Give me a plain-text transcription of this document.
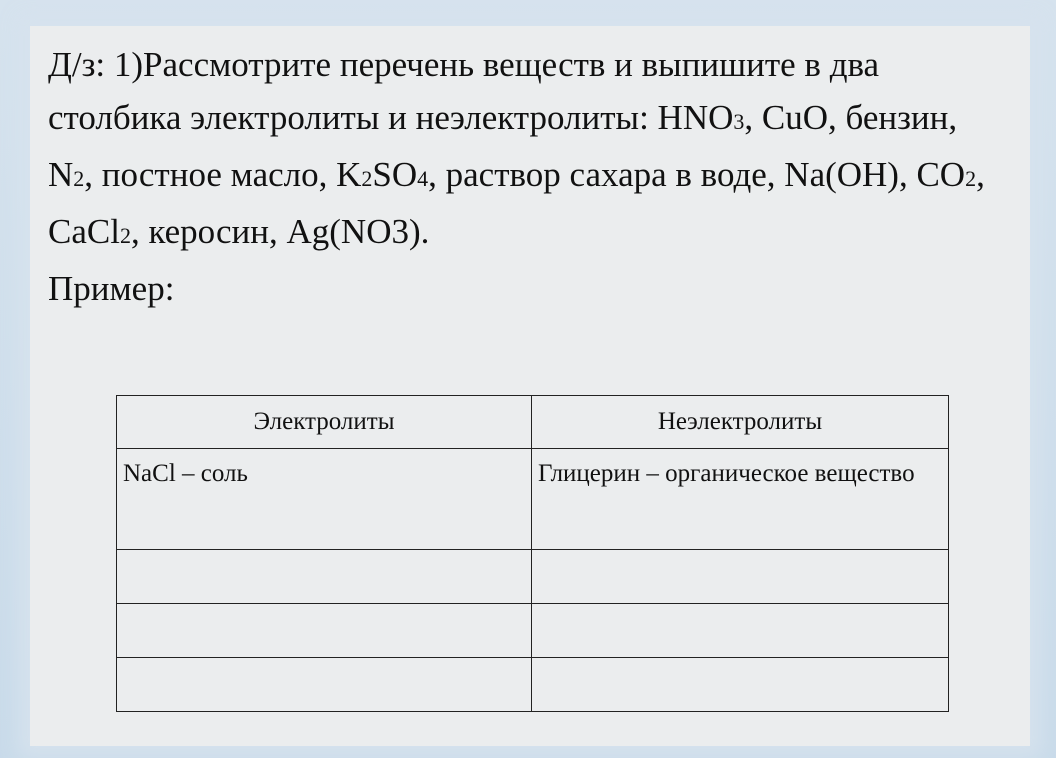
Д/з: 1)Рассмотрите перечень веществ и выпишите в два столбика электролиты и неэлектролиты: HNO3, CuO, бензин, N2, постное масло, K2SO4, раствор сахара в воде, Na(OH), CO2, CaCl2, керосин, Ag(NO3).
Пример:

Электролиты	Неэлектролиты
NaCl – соль	Глицерин – органическое вещество
